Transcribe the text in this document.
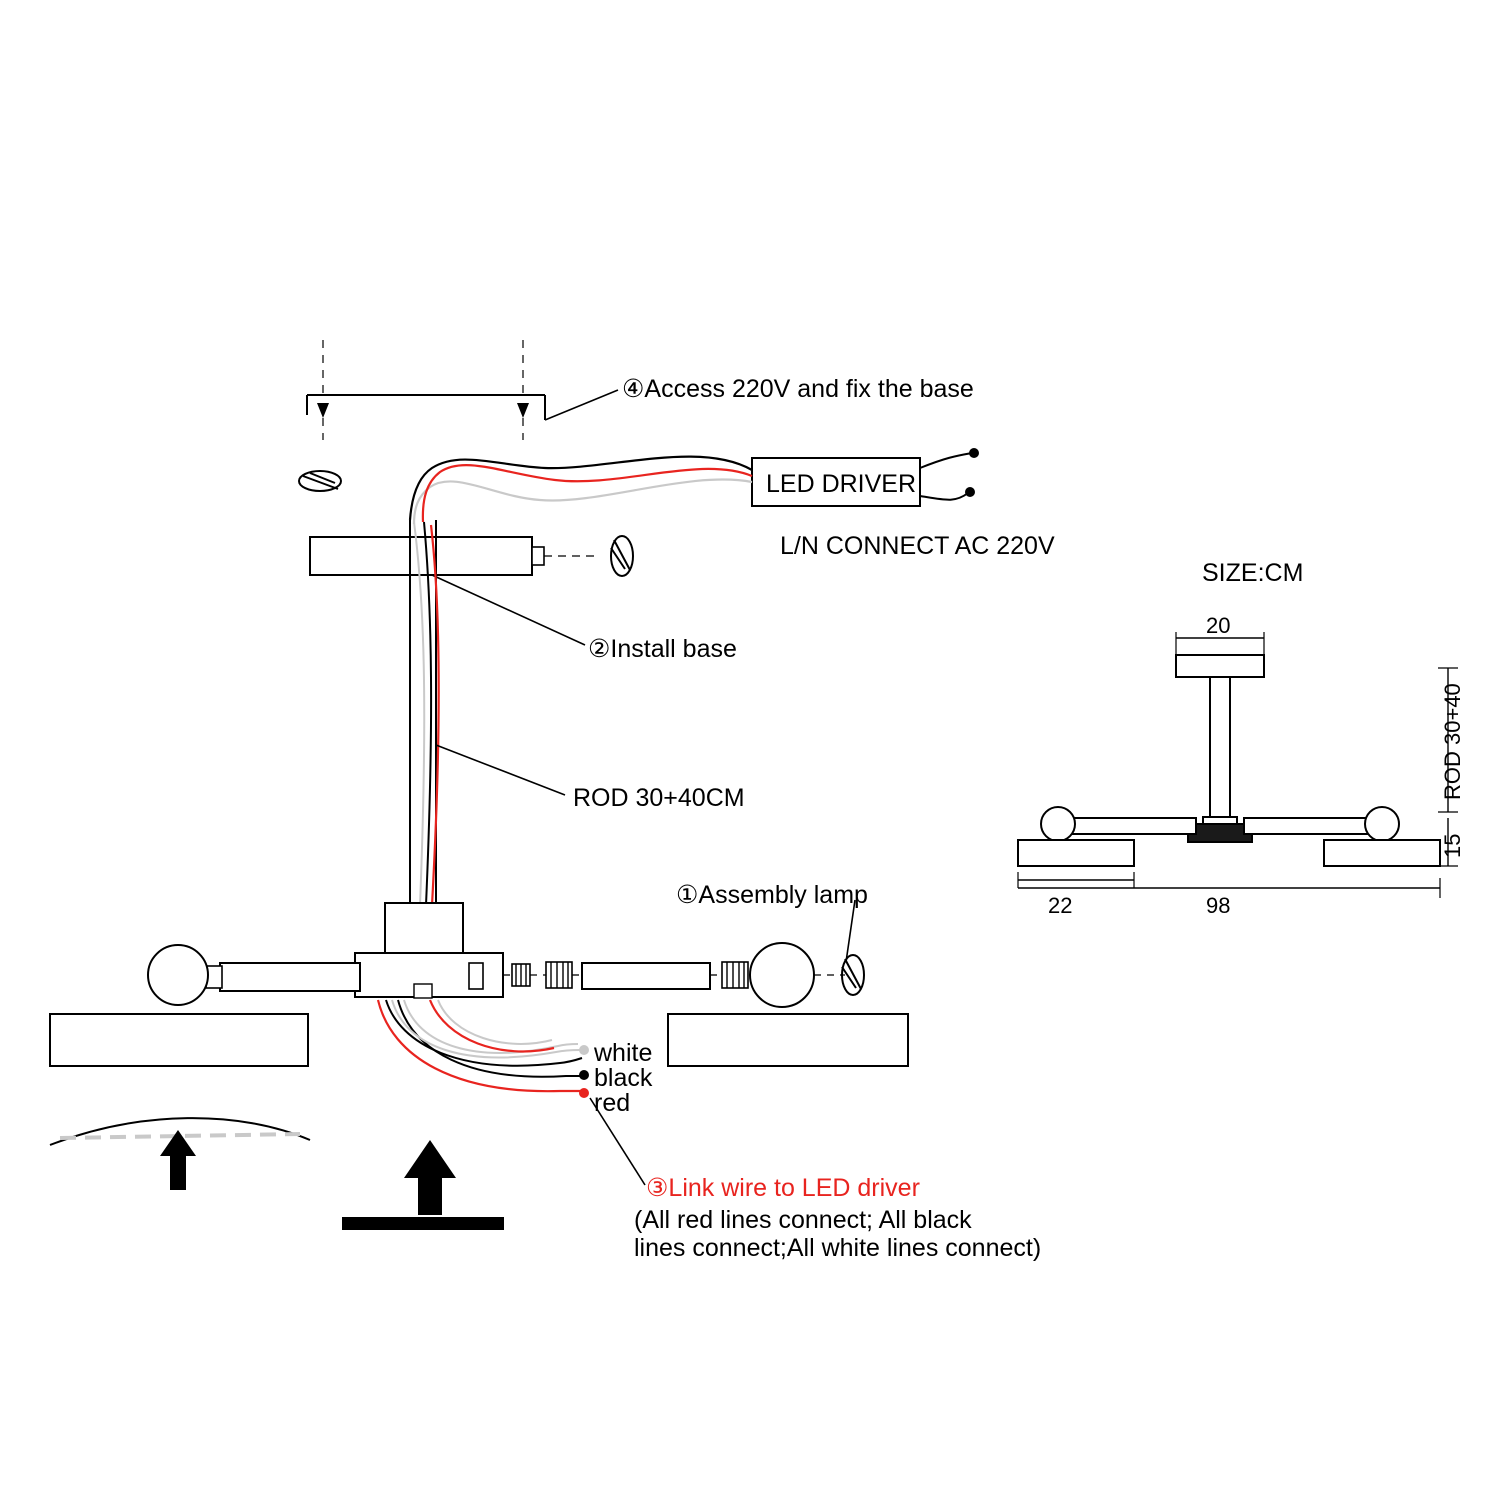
④Access 220V and fix the base
LED DRIVER
L/N CONNECT AC 220V
②Install base
ROD 30+40CM
①Assembly lamp
white
black
red
③Link wire to LED driver
(All red lines connect; All black
lines connect;All white lines connect)
SIZE:CM
20
ROD 30+40
15
22	98
